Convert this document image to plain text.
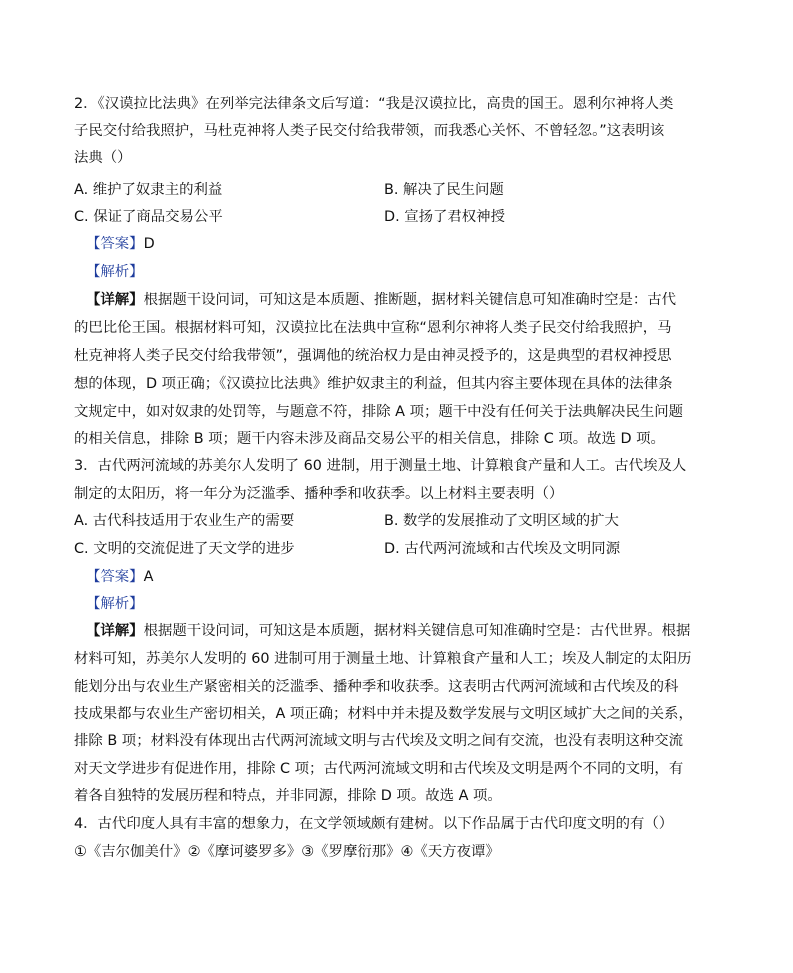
2．《汉谟拉比法典》在列举完法律条文后写道：“我是汉谟拉比，高贵的国王。恩利尔神将人类
子民交付给我照护，马杜克神将人类子民交付给我带领，而我悉心关怀、不曾轻忽。”这表明该
法典（）
A. 维护了奴隶主的利益	B. 解决了民生问题
C. 保证了商品交易公平	D. 宣扬了君权神授
【答案】D
【解析】
【详解】根据题干设问词，可知这是本质题、推断题，据材料关键信息可知准确时空是：古代
的巴比伦王国。根据材料可知，汉谟拉比在法典中宣称“恩利尔神将人类子民交付给我照护，马
杜克神将人类子民交付给我带领”，强调他的统治权力是由神灵授予的，这是典型的君权神授思
想的体现，D 项正确；《汉谟拉比法典》维护奴隶主的利益，但其内容主要体现在具体的法律条
文规定中，如对奴隶的处罚等，与题意不符，排除 A 项；题干中没有任何关于法典解决民生问题
的相关信息，排除 B 项；题干内容未涉及商品交易公平的相关信息，排除 C 项。故选 D 项。
3．古代两河流域的苏美尔人发明了 60 进制，用于测量土地、计算粮食产量和人工。古代埃及人
制定的太阳历，将一年分为泛滥季、播种季和收获季。以上材料主要表明（）
A. 古代科技适用于农业生产的需要	B. 数学的发展推动了文明区域的扩大
C. 文明的交流促进了天文学的进步	D. 古代两河流域和古代埃及文明同源
【答案】A
【解析】
【详解】根据题干设问词，可知这是本质题，据材料关键信息可知准确时空是：古代世界。根据
材料可知，苏美尔人发明的 60 进制可用于测量土地、计算粮食产量和人工；埃及人制定的太阳历
能划分出与农业生产紧密相关的泛滥季、播种季和收获季。这表明古代两河流域和古代埃及的科
技成果都与农业生产密切相关，A 项正确；材料中并未提及数学发展与文明区域扩大之间的关系，
排除 B 项；材料没有体现出古代两河流域文明与古代埃及文明之间有交流，也没有表明这种交流
对天文学进步有促进作用，排除 C 项；古代两河流域文明和古代埃及文明是两个不同的文明，有
着各自独特的发展历程和特点，并非同源，排除 D 项。故选 A 项。
4．古代印度人具有丰富的想象力，在文学领域颇有建树。以下作品属于古代印度文明的有（）
①《吉尔伽美什》②《摩诃婆罗多》③《罗摩衍那》④《天方夜谭》
